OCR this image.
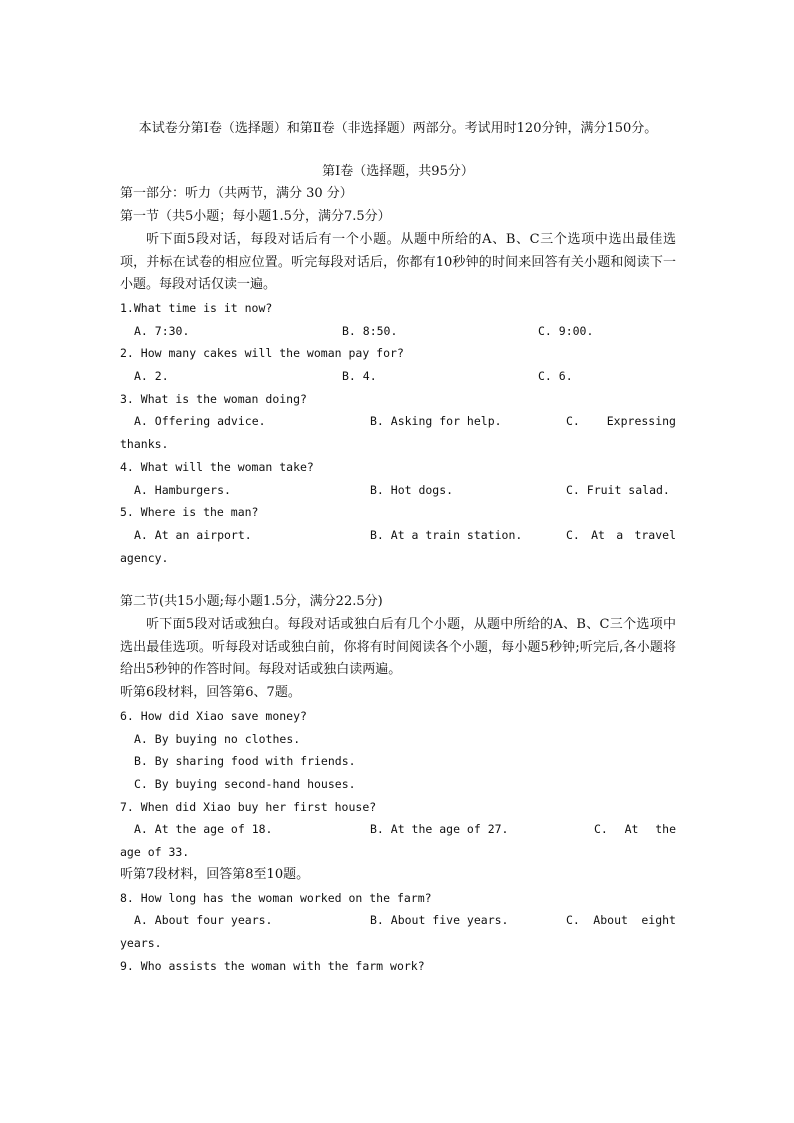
本试卷分第Ⅰ卷（选择题）和第Ⅱ卷（非选择题）两部分。考试用时120分钟，满分150分。
第Ⅰ卷（选择题，共95分）
第一部分：听力（共两节，满分 30 分）
第一节（共5小题；每小题1.5分，满分7.5分）
听下面5段对话，每段对话后有一个小题。从题中所给的A、B、C三个选项中选出最佳选项，并标在试卷的相应位置。听完每段对话后，你都有10秒钟的时间来回答有关小题和阅读下一小题。每段对话仅读一遍。
1.What time is it now?
A. 7:30.	B. 8:50.	C. 9:00.
2. How many cakes will the woman pay for?
A. 2.	B. 4.	C. 6.
3. What is the woman doing?
A. Offering advice.	B. Asking for help.	C. Expressing
thanks.
4. What will the woman take?
A. Hamburgers.	B. Hot dogs.	C. Fruit salad.
5. Where is the man?
A. At an airport.	B. At a train station.	C. At a travel
agency.
第二节(共15小题;每小题1.5分，满分22.5分)
听下面5段对话或独白。每段对话或独白后有几个小题，从题中所给的A、B、C三个选项中选出最佳选项。听每段对话或独白前，你将有时间阅读各个小题，每小题5秒钟;听完后,各小题将给出5秒钟的作答时间。每段对话或独白读两遍。
听第6段材料，回答第6、7题。
6. How did Xiao save money?
A. By buying no clothes.
B. By sharing food with friends.
C. By buying second-hand houses.
7. When did Xiao buy her first house?
A. At the age of 18.	B. At the age of 27.	C. At the
age of 33.
听第7段材料，回答第8至10题。
8. How long has the woman worked on the farm?
A. About four years.	B. About five years.	C. About eight
years.
9. Who assists the woman with the farm work?
